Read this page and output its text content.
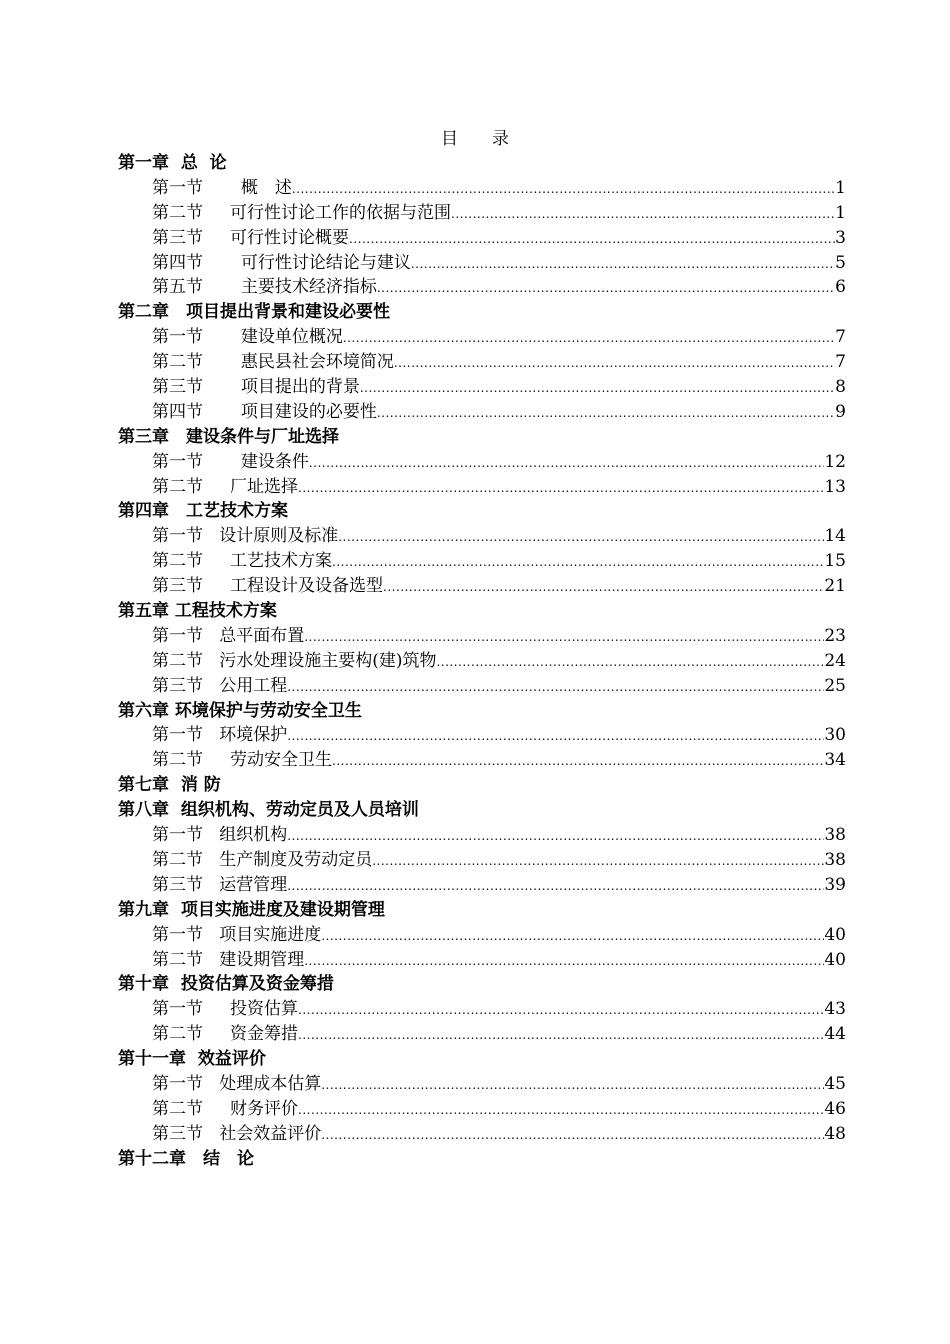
目　　录
第一章  总  论
第一节 概　述 .....	1
第二节 可行性讨论工作的依据与范围 .....	1
第三节 可行性讨论概要 .....	3
第四节 可行性讨论结论与建议 .....	5
第五节 主要技术经济指标 .....	6
第二章　项目提出背景和建设必要性
第一节 建设单位概况 .....	7
第二节 惠民县社会环境简况 .....	7
第三节 项目提出的背景 .....	8
第四节 项目建设的必要性 .....	9
第三章　建设条件与厂址选择
第一节 建设条件 .....	12
第二节 厂址选择 .....	13
第四章　工艺技术方案
第一节 设计原则及标准 .....	14
第二节 工艺技术方案 .....	15
第三节 工程设计及设备选型 .....	21
第五章 工程技术方案
第一节 总平面布置 .....	23
第二节 污水处理设施主要构(建)筑物 .....	24
第三节 公用工程 .....	25
第六章 环境保护与劳动安全卫生
第一节 环境保护 .....	30
第二节 劳动安全卫生 .....	34
第七章  消 防
第八章  组织机构、劳动定员及人员培训
第一节 组织机构 .....	38
第二节 生产制度及劳动定员 .....	38
第三节 运营管理 .....	39
第九章  项目实施进度及建设期管理
第一节 项目实施进度 .....	40
第二节 建设期管理 .....	40
第十章  投资估算及资金筹措
第一节 投资估算 .....	43
第二节 资金筹措 .....	44
第十一章  效益评价
第一节 处理成本估算 .....	45
第二节 财务评价 .....	46
第三节 社会效益评价 .....	48
第十二章　结　论
